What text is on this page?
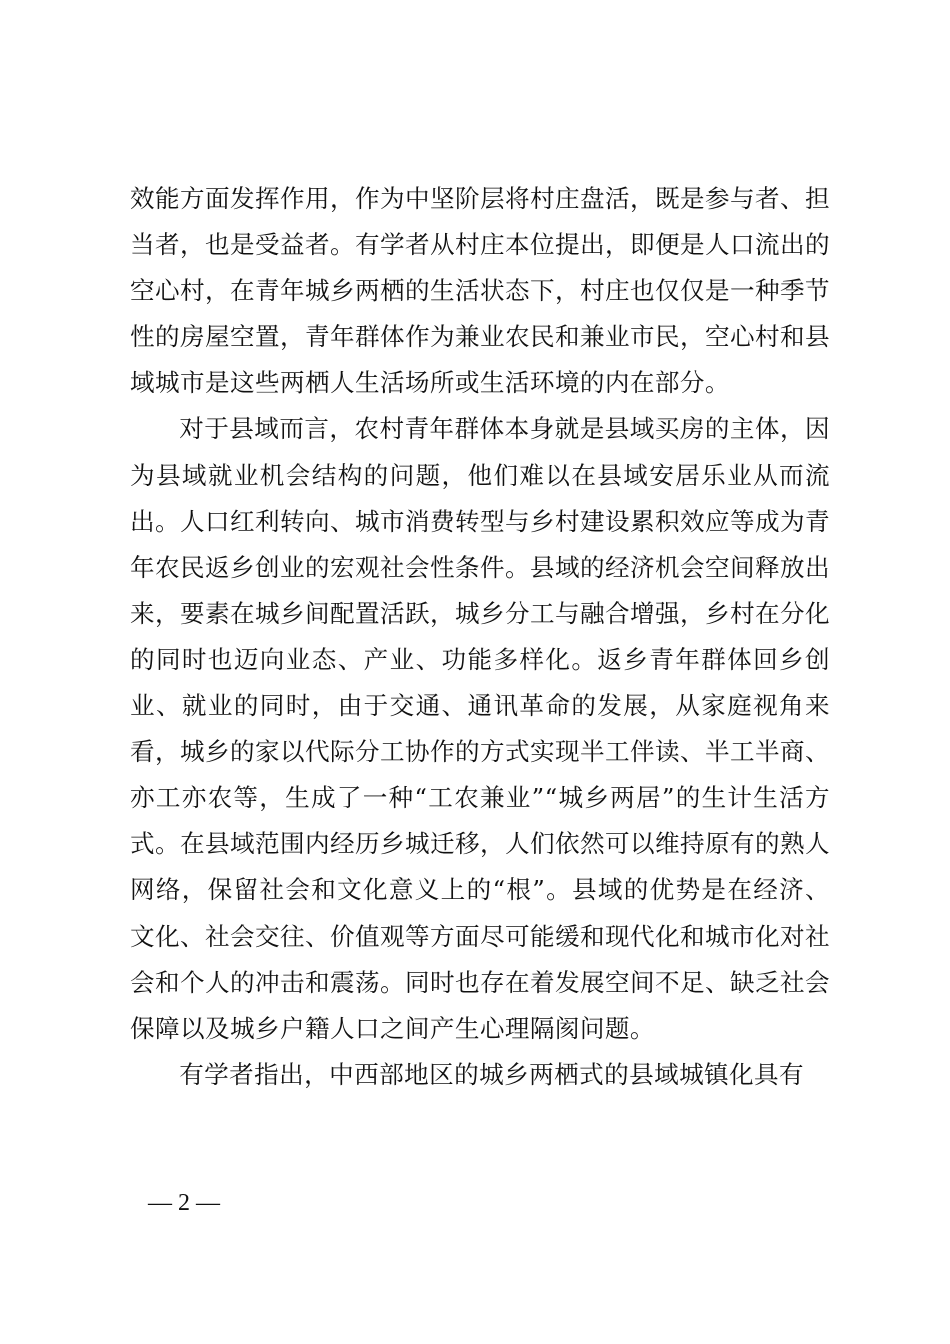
效能方面发挥作用，作为中坚阶层将村庄盘活，既是参与者、担当者，也是受益者。有学者从村庄本位提出，即便是人口流出的空心村，在青年城乡两栖的生活状态下，村庄也仅仅是一种季节性的房屋空置，青年群体作为兼业农民和兼业市民，空心村和县域城市是这些两栖人生活场所或生活环境的内在部分。

对于县域而言，农村青年群体本身就是县域买房的主体，因为县域就业机会结构的问题，他们难以在县域安居乐业从而流出。人口红利转向、城市消费转型与乡村建设累积效应等成为青年农民返乡创业的宏观社会性条件。县域的经济机会空间释放出来，要素在城乡间配置活跃，城乡分工与融合增强，乡村在分化的同时也迈向业态、产业、功能多样化。返乡青年群体回乡创业、就业的同时，由于交通、通讯革命的发展，从家庭视角来看，城乡的家以代际分工协作的方式实现半工伴读、半工半商、亦工亦农等，生成了一种“工农兼业”“城乡两居”的生计生活方式。在县域范围内经历乡城迁移，人们依然可以维持原有的熟人网络，保留社会和文化意义上的“根”。县域的优势是在经济、文化、社会交往、价值观等方面尽可能缓和现代化和城市化对社会和个人的冲击和震荡。同时也存在着发展空间不足、缺乏社会保障以及城乡户籍人口之间产生心理隔阂问题。

有学者指出，中西部地区的城乡两栖式的县域城镇化具有

— 2 —
